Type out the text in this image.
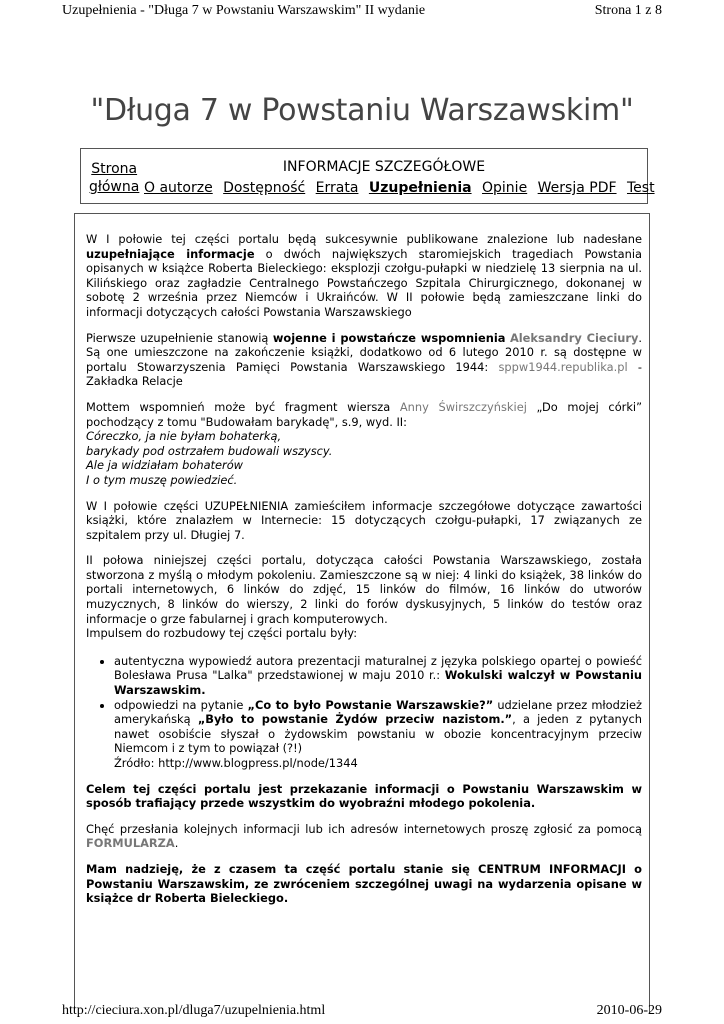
Uzupełnienia - "Długa 7 w Powstaniu Warszawskim" II wydanie	Strona 1 z 8
"Długa 7 w Powstaniu Warszawskim"
Strona
główna
INFORMACJE SZCZEGÓŁOWE
O autorze Dostępność Errata Uzupełnienia Opinie Wersja PDF Test

W I połowie tej części portalu będą sukcesywnie publikowane znalezione lub nadesłane uzupełniające informacje o dwóch największych staromiejskich tragediach Powstania opisanych w książce Roberta Bieleckiego: eksplozji czołgu-pułapki w niedzielę 13 sierpnia na ul. Kilińskiego oraz zagładzie Centralnego Powstańczego Szpitala Chirurgicznego, dokonanej w sobotę 2 września przez Niemców i Ukraińców. W II połowie będą zamieszczane linki do informacji dotyczących całości Powstania Warszawskiego

Pierwsze uzupełnienie stanowią wojenne i powstańcze wspomnienia Aleksandry Cieciury. Są one umieszczone na zakończenie książki, dodatkowo od 6 lutego 2010 r. są dostępne w portalu Stowarzyszenia Pamięci Powstania Warszawskiego 1944: sppw1944.republika.pl - Zakładka Relacje

Mottem wspomnień może być fragment wiersza Anny Świrszczyńskiej „Do mojej córki” pochodzący z tomu "Budowałam barykadę", s.9, wyd. II:
Córeczko, ja nie byłam bohaterką,
barykady pod ostrzałem budowali wszyscy.
Ale ja widziałam bohaterów
I o tym muszę powiedzieć.

W I połowie części UZUPEŁNIENIA zamieściłem informacje szczegółowe dotyczące zawartości książki, które znalazłem w Internecie: 15 dotyczących czołgu-pułapki, 17 związanych ze szpitalem przy ul. Długiej 7.

II połowa niniejszej części portalu, dotycząca całości Powstania Warszawskiego, została stworzona z myślą o młodym pokoleniu. Zamieszczone są w niej: 4 linki do książek, 38 linków do portali internetowych, 6 linków do zdjęć, 15 linków do filmów, 16 linków do utworów muzycznych, 8 linków do wierszy, 2 linki do forów dyskusyjnych, 5 linków do testów oraz informacje o grze fabularnej i grach komputerowych.
Impulsem do rozbudowy tej części portalu były:

• autentyczna wypowiedź autora prezentacji maturalnej z języka polskiego opartej o powieść Bolesława Prusa "Lalka" przedstawionej w maju 2010 r.: Wokulski walczył w Powstaniu Warszawskim.
• odpowiedzi na pytanie „Co to było Powstanie Warszawskie?” udzielane przez młodzież amerykańską „Było to powstanie Żydów przeciw nazistom.”, a jeden z pytanych nawet osobiście słyszał o żydowskim powstaniu w obozie koncentracyjnym przeciw Niemcom i z tym to powiązał (?!)
Źródło: http://www.blogpress.pl/node/1344

Celem tej części portalu jest przekazanie informacji o Powstaniu Warszawskim w sposób trafiający przede wszystkim do wyobraźni młodego pokolenia.

Chęć przesłania kolejnych informacji lub ich adresów internetowych proszę zgłosić za pomocą FORMULARZA.

Mam nadzieję, że z czasem ta część portalu stanie się CENTRUM INFORMACJI o Powstaniu Warszawskim, ze zwróceniem szczególnej uwagi na wydarzenia opisane w książce dr Roberta Bieleckiego.

http://cieciura.xon.pl/dluga7/uzupelnienia.html	2010-06-29
